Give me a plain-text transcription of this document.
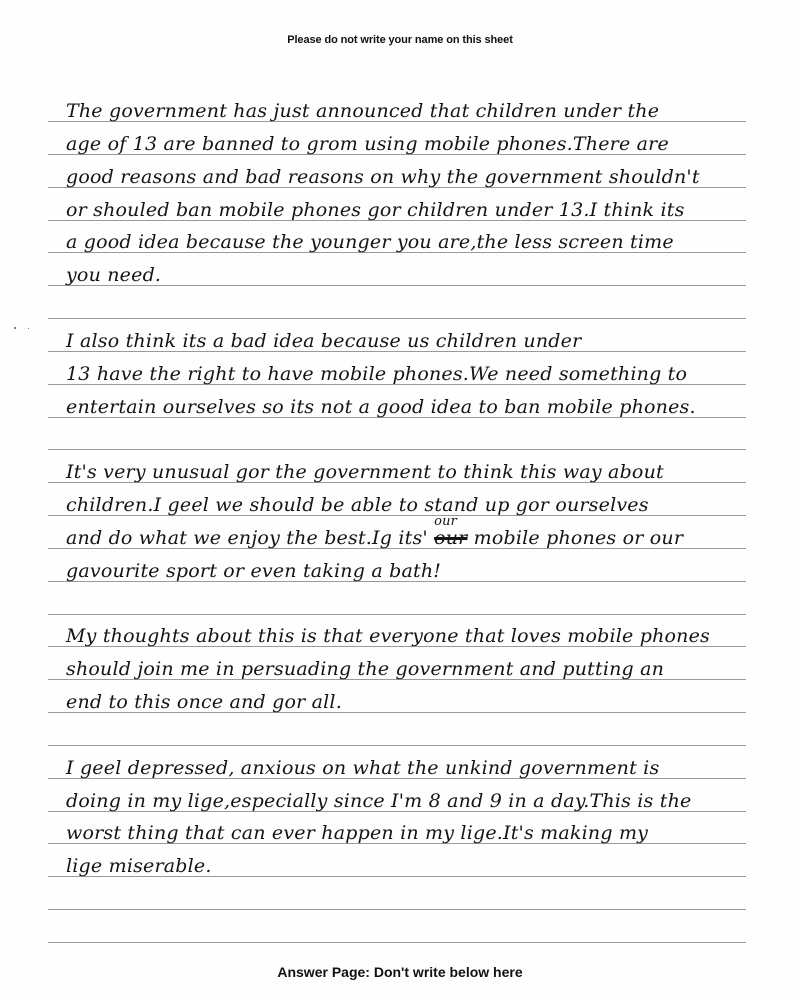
Please do not write your name on this sheet
The government has just announced that children under the
age of 13 are banned to grom using mobile phones.There are
good reasons and bad reasons on why the government shouldn't
or shouled ban mobile phones gor children under 13.I think its
a good idea because the younger you are,the less screen time
you need.
I also think its a bad idea because us children under
13 have the right to have mobile phones.We need something to
entertain ourselves so its not a good idea to ban mobile phones.
It's very unusual gor the government to think this way about
children.I geel we should be able to stand up gor ourselves
and do what we enjoy the best.Ig its' our
our
mobile phones or our
gavourite sport or even taking a bath!
My thoughts about this is that everyone that loves mobile phones
should join me in persuading the government and putting an
end to this once and gor all.
I geel depressed, anxious on what the unkind government is
doing in my lige,especially since I'm 8 and 9 in a day.This is the
worst thing that can ever happen in my lige.It's making my
lige miserable.
Answer Page: Don't write below here
